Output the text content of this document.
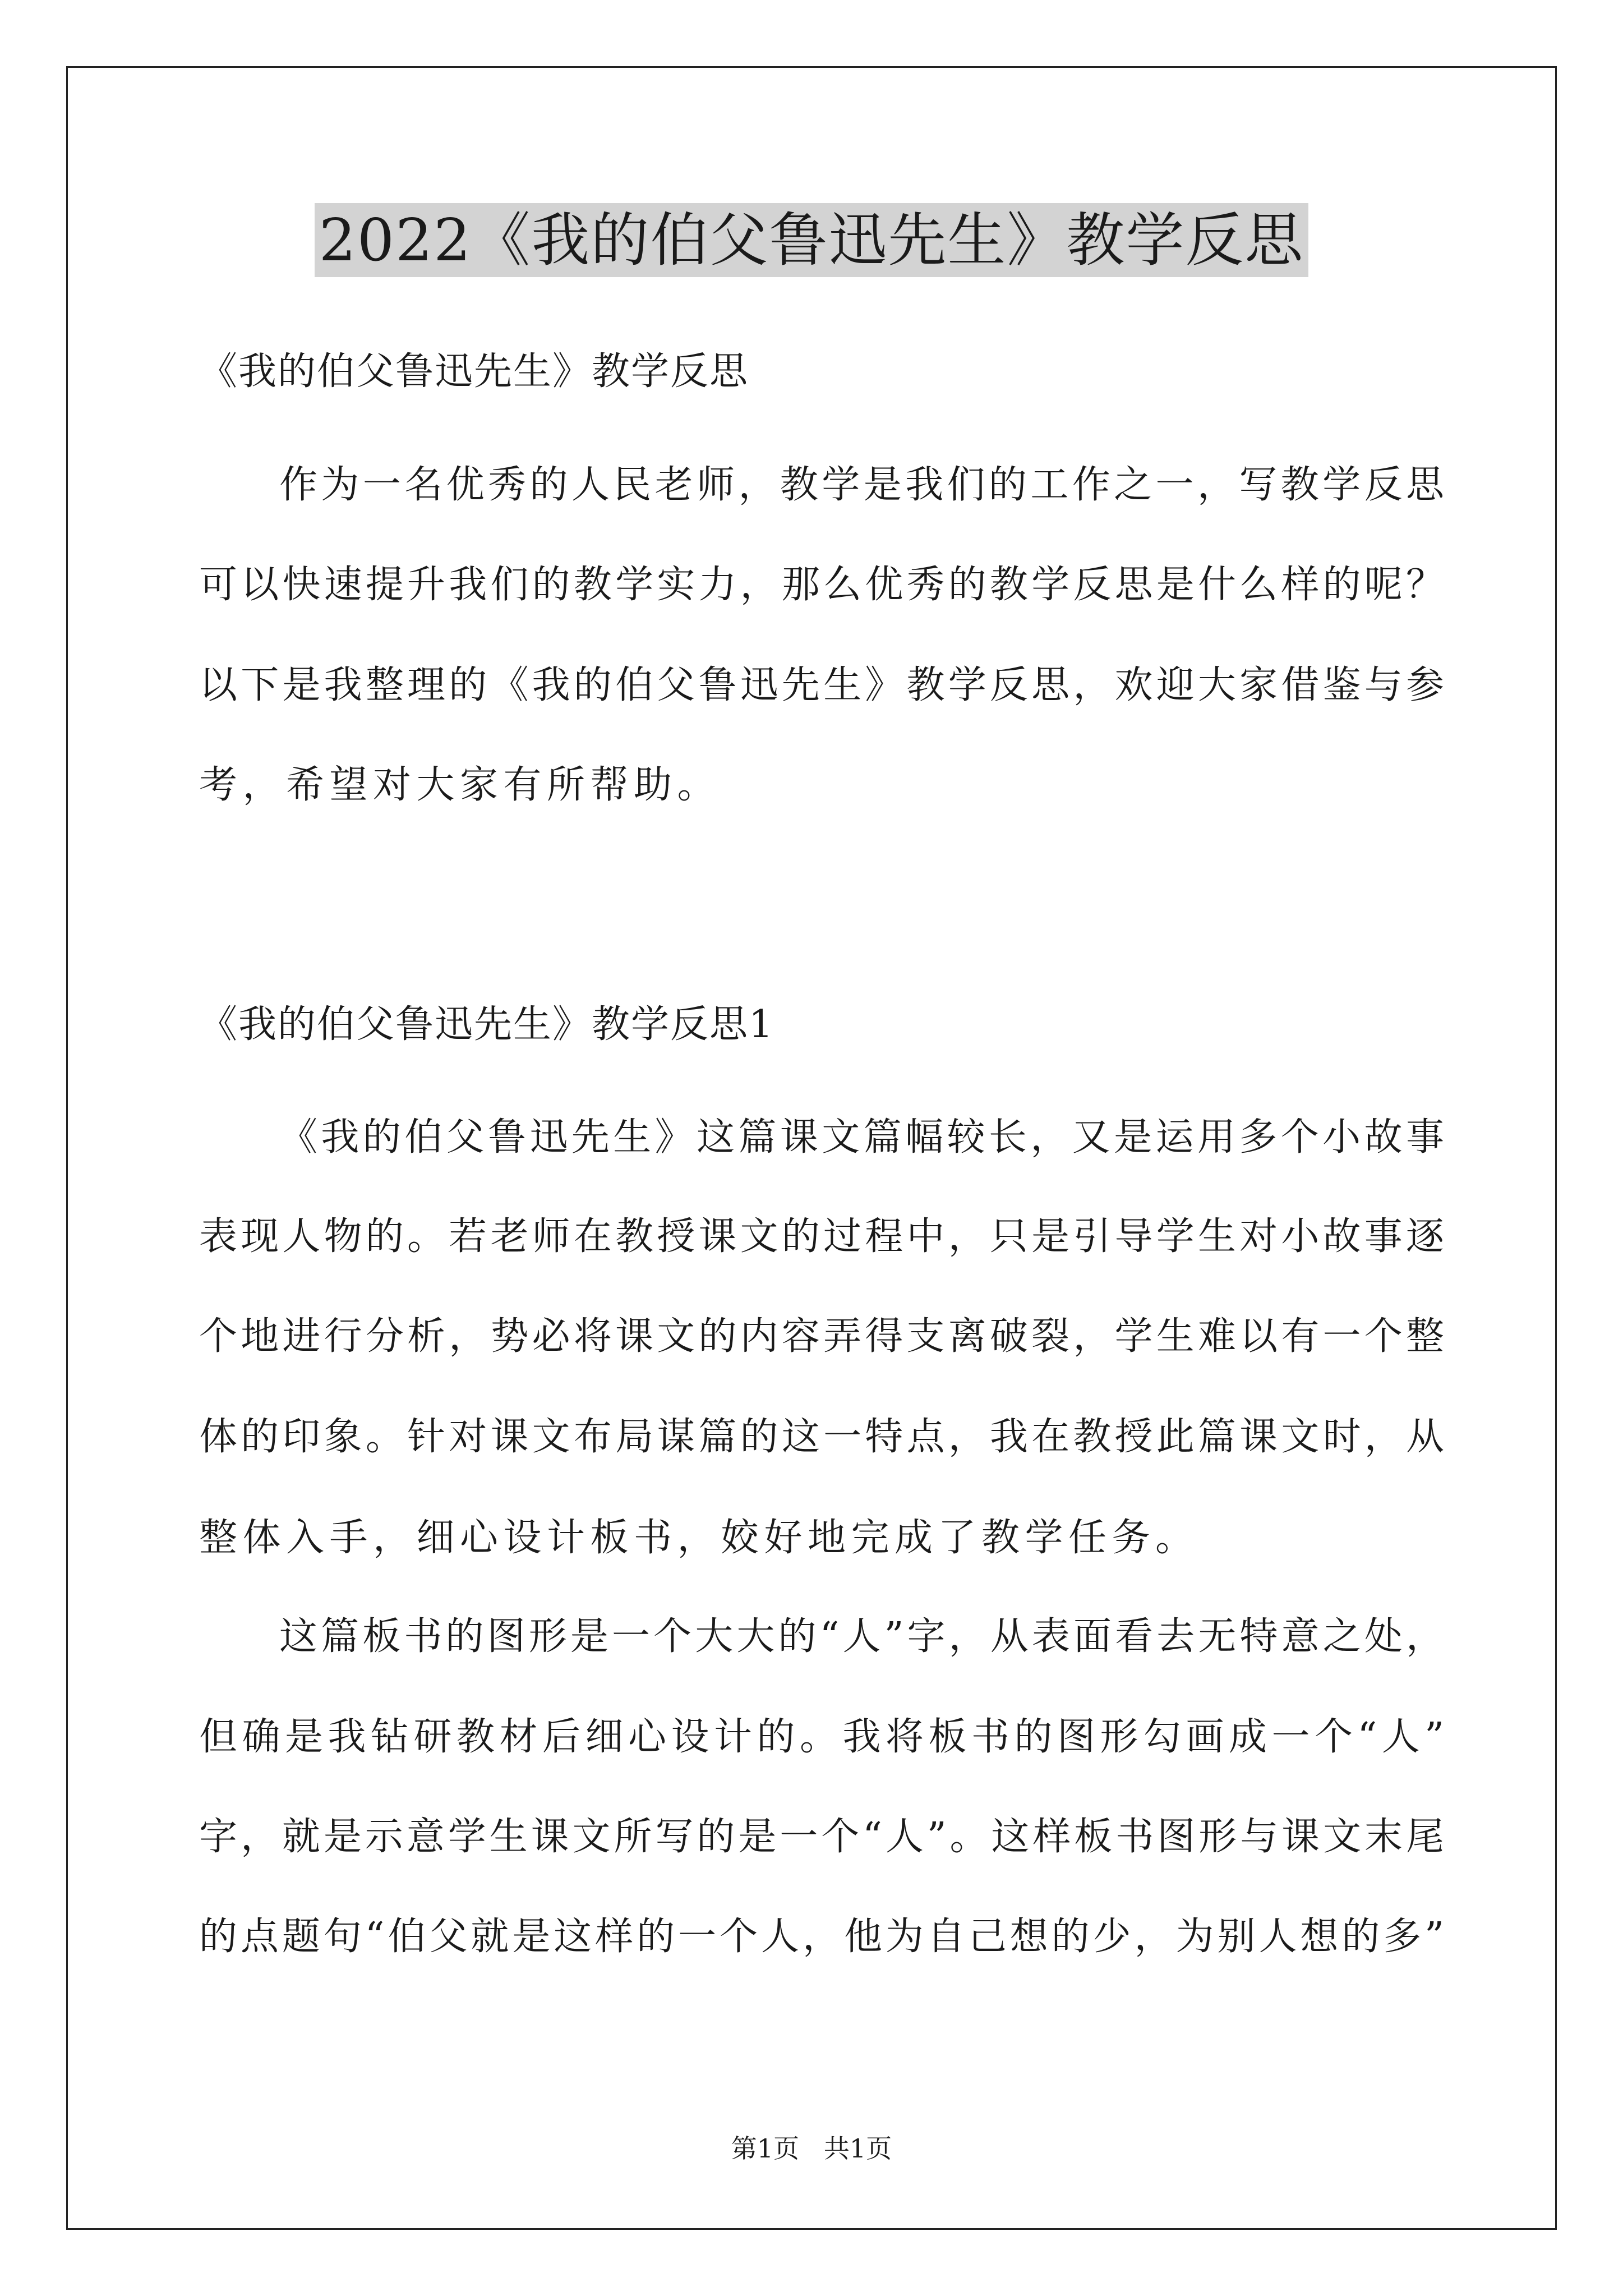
2022《我的伯父鲁迅先生》教学反思
《我的伯父鲁迅先生》教学反思
作为一名优秀的人民老师，教学是我们的工作之一，写教学反思
可以快速提升我们的教学实力，那么优秀的教学反思是什么样的呢？
以下是我整理的《我的伯父鲁迅先生》教学反思，欢迎大家借鉴与参
考，希望对大家有所帮助。
《我的伯父鲁迅先生》教学反思1
《我的伯父鲁迅先生》这篇课文篇幅较长，又是运用多个小故事
表现人物的。若老师在教授课文的过程中，只是引导学生对小故事逐
个地进行分析，势必将课文的内容弄得支离破裂，学生难以有一个整
体的印象。针对课文布局谋篇的这一特点，我在教授此篇课文时，从
整体入手，细心设计板书，姣好地完成了教学任务。
这篇板书的图形是一个大大的“人”字，从表面看去无特意之处，
但确是我钻研教材后细心设计的。我将板书的图形勾画成一个“人”
字，就是示意学生课文所写的是一个“人”。这样板书图形与课文末尾
的点题句“伯父就是这样的一个人，他为自己想的少，为别人想的多”
第1页   共1页
